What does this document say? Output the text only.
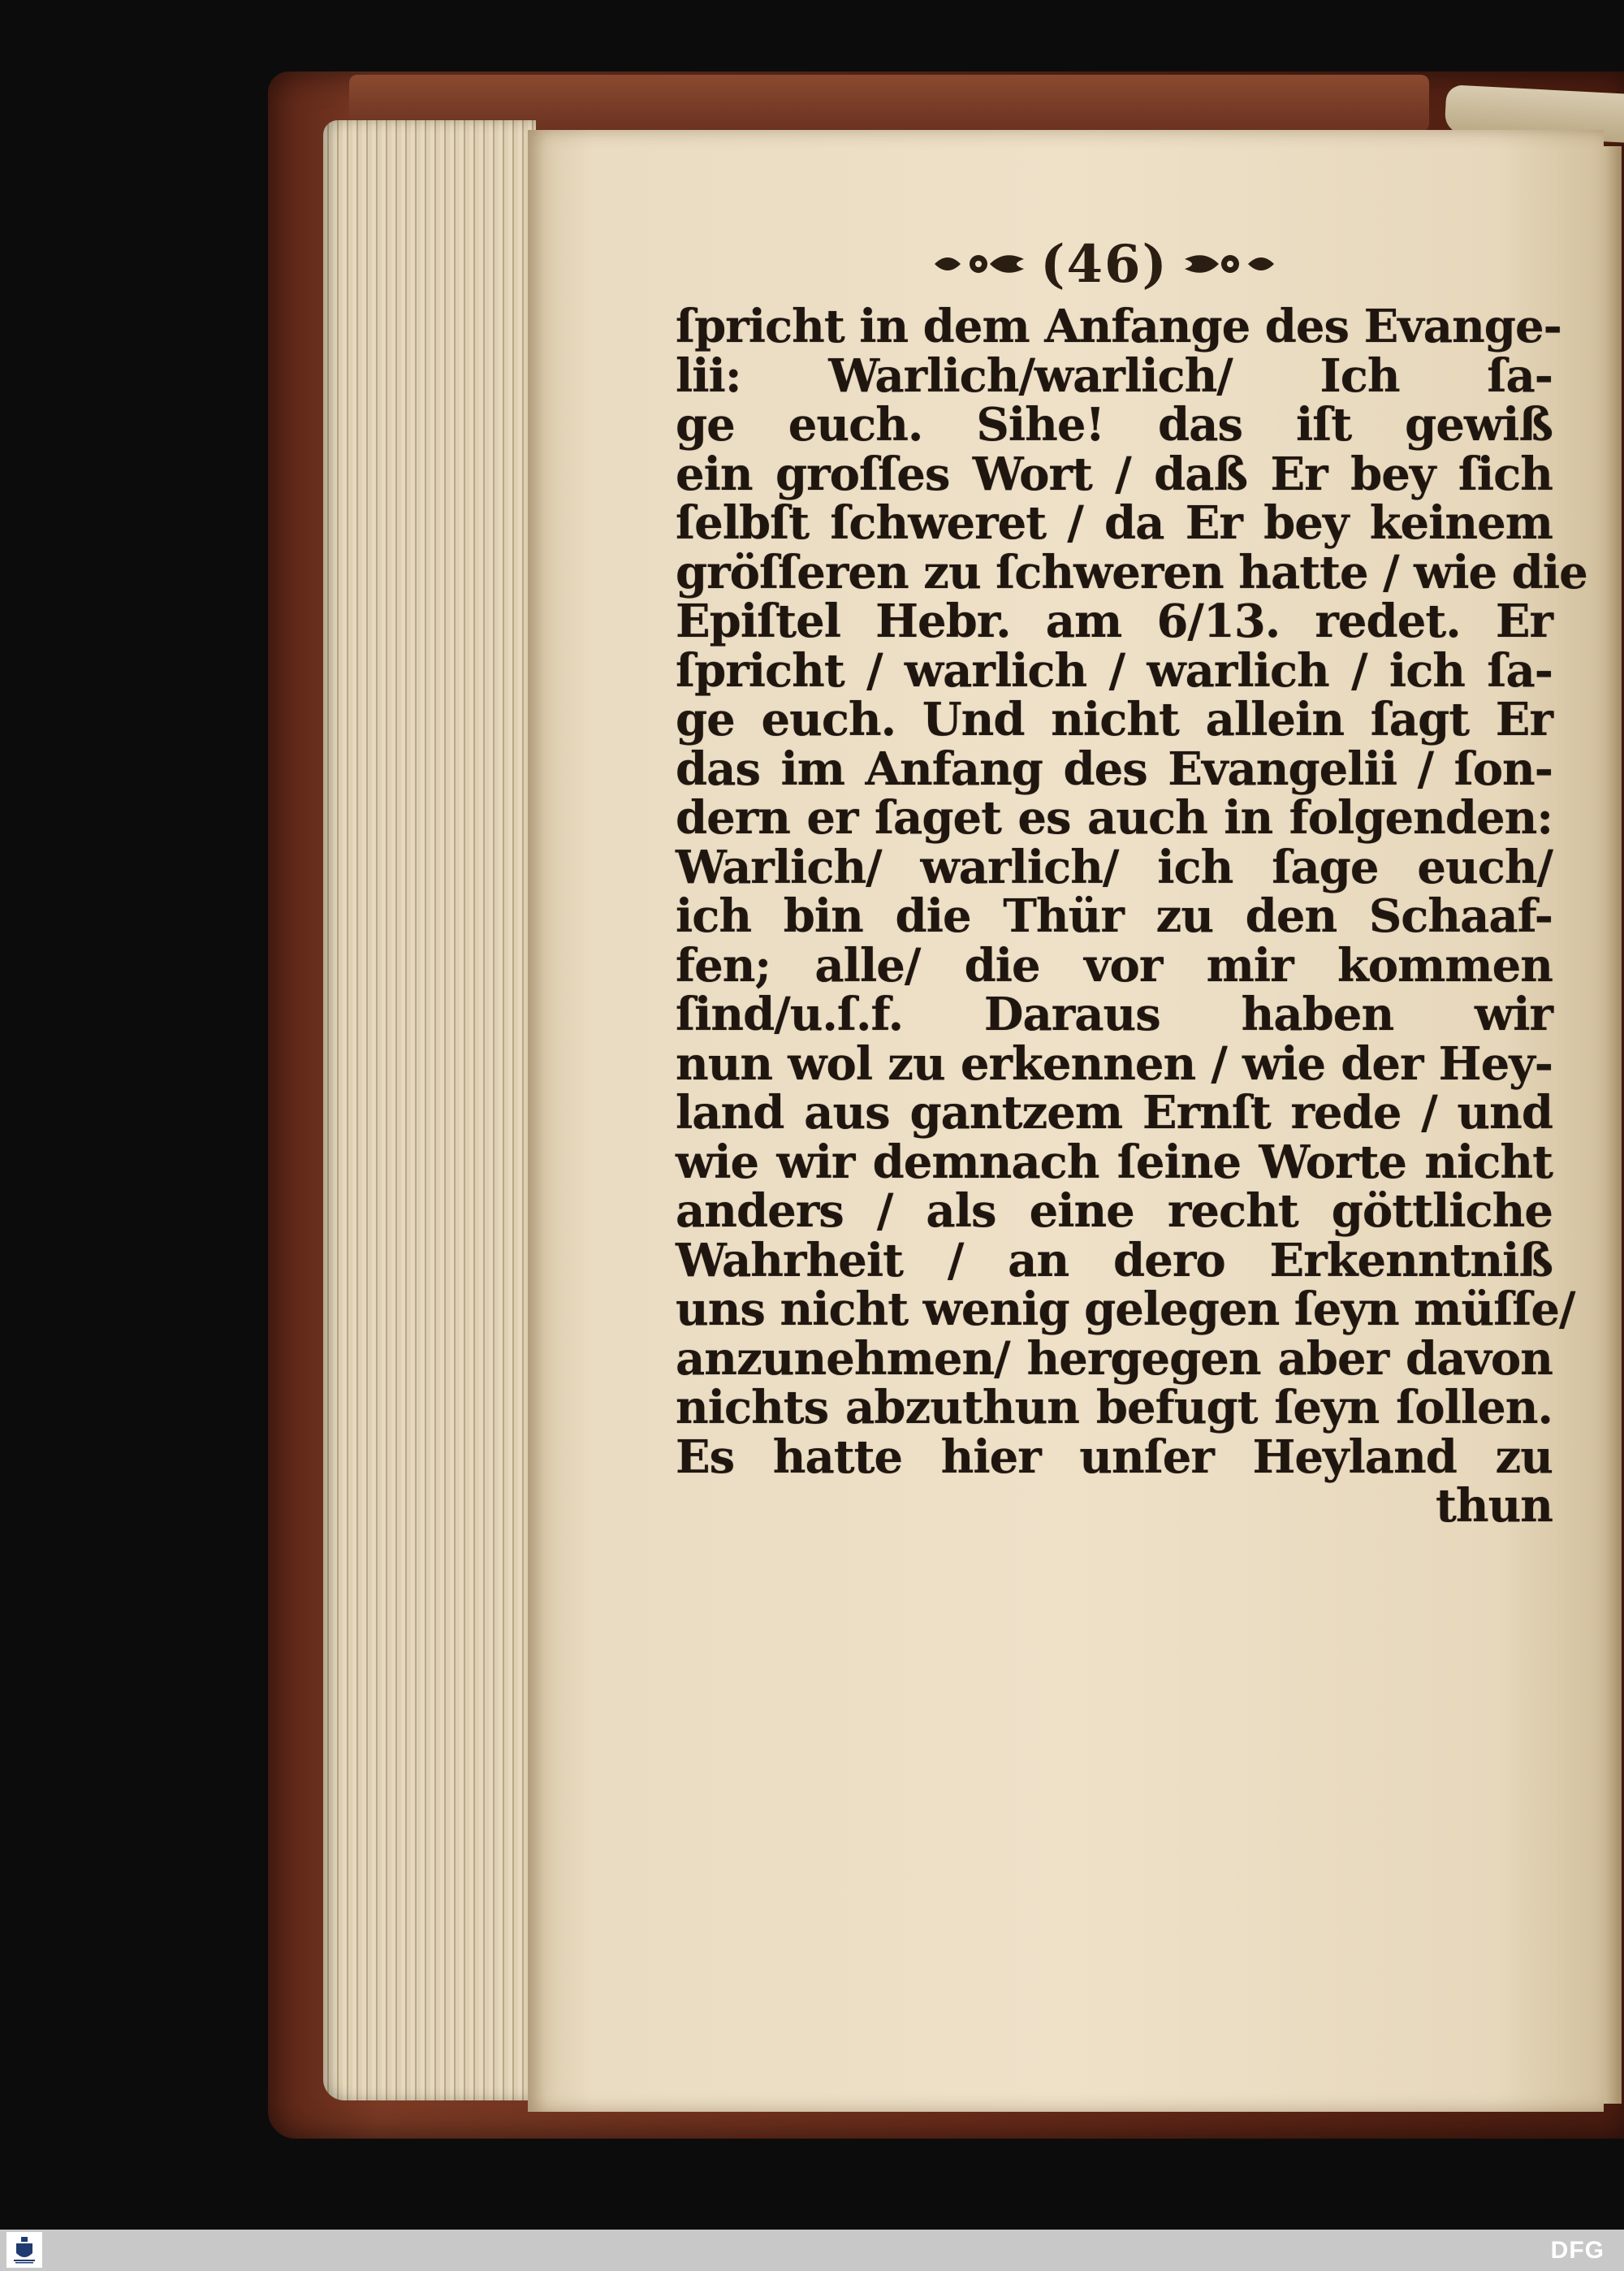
(46)
ſpricht in dem Anfange des Evange-
lii: Warlich/warlich/ Ich ſa-
ge euch. Sihe! das iſt gewiß
ein groſſes Wort / daß Er bey ſich
ſelbſt ſchweret / da Er bey keinem
gröſſeren zu ſchweren hatte / wie die
Epiſtel Hebr. am 6/13. redet. Er
ſpricht / warlich / warlich / ich ſa-
ge euch. Und nicht allein ſagt Er
das im Anfang des Evangelii / ſon-
dern er ſaget es auch in folgenden:
Warlich/ warlich/ ich ſage euch/
ich bin die Thür zu den Schaaf-
fen; alle/ die vor mir kommen
ſind/u.ſ.f. Daraus haben wir
nun wol zu erkennen / wie der Hey-
land aus gantzem Ernſt rede / und
wie wir demnach ſeine Worte nicht
anders / als eine recht göttliche
Wahrheit / an dero Erkenntniß
uns nicht wenig gelegen ſeyn müſſe/
anzunehmen/ hergegen aber davon
nichts abzuthun befugt ſeyn ſollen.
Es hatte hier unſer Heyland zu
thun
DFG
